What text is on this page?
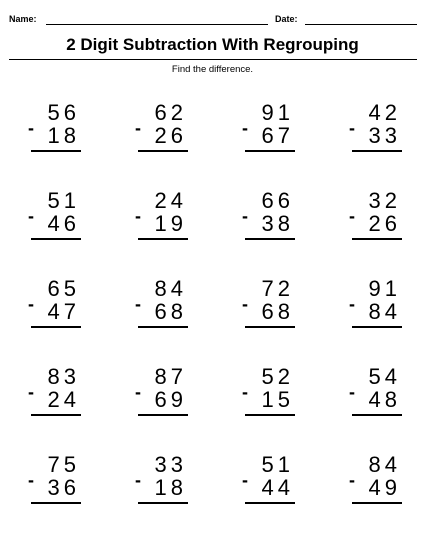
Name:	Date:
2 Digit Subtraction With Regrouping
Find the difference.
56
- 18
62
- 26
91
- 67
42
- 33
51
- 46
24
- 19
66
- 38
32
- 26
65
- 47
84
- 68
72
- 68
91
- 84
83
- 24
87
- 69
52
- 15
54
- 48
75
- 36
33
- 18
51
- 44
84
- 49
